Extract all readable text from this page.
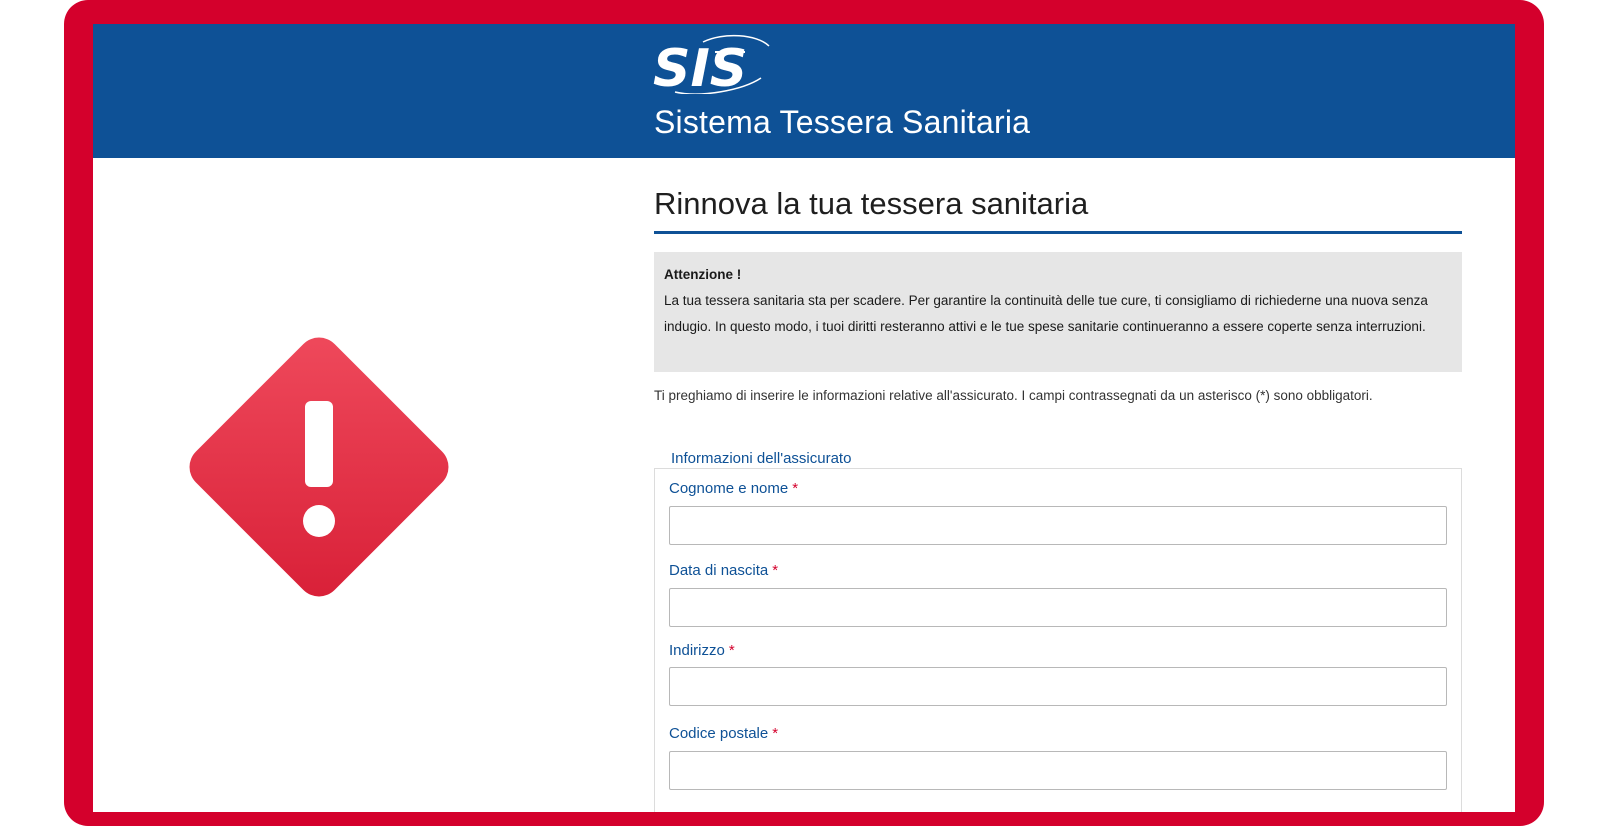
SIS
Sistema Tessera Sanitaria
Rinnova la tua tessera sanitaria
Attenzione !
La tua tessera sanitaria sta per scadere. Per garantire la continuità delle tue cure, ti consigliamo di richiederne una nuova senza indugio. In questo modo, i tuoi diritti resteranno attivi e le tue spese sanitarie continueranno a essere coperte senza interruzioni.
Ti preghiamo di inserire le informazioni relative all'assicurato. I campi contrassegnati da un asterisco (*) sono obbligatori.
Informazioni dell'assicurato
Cognome e nome *
Data di nascita *
Indirizzo *
Codice postale *
